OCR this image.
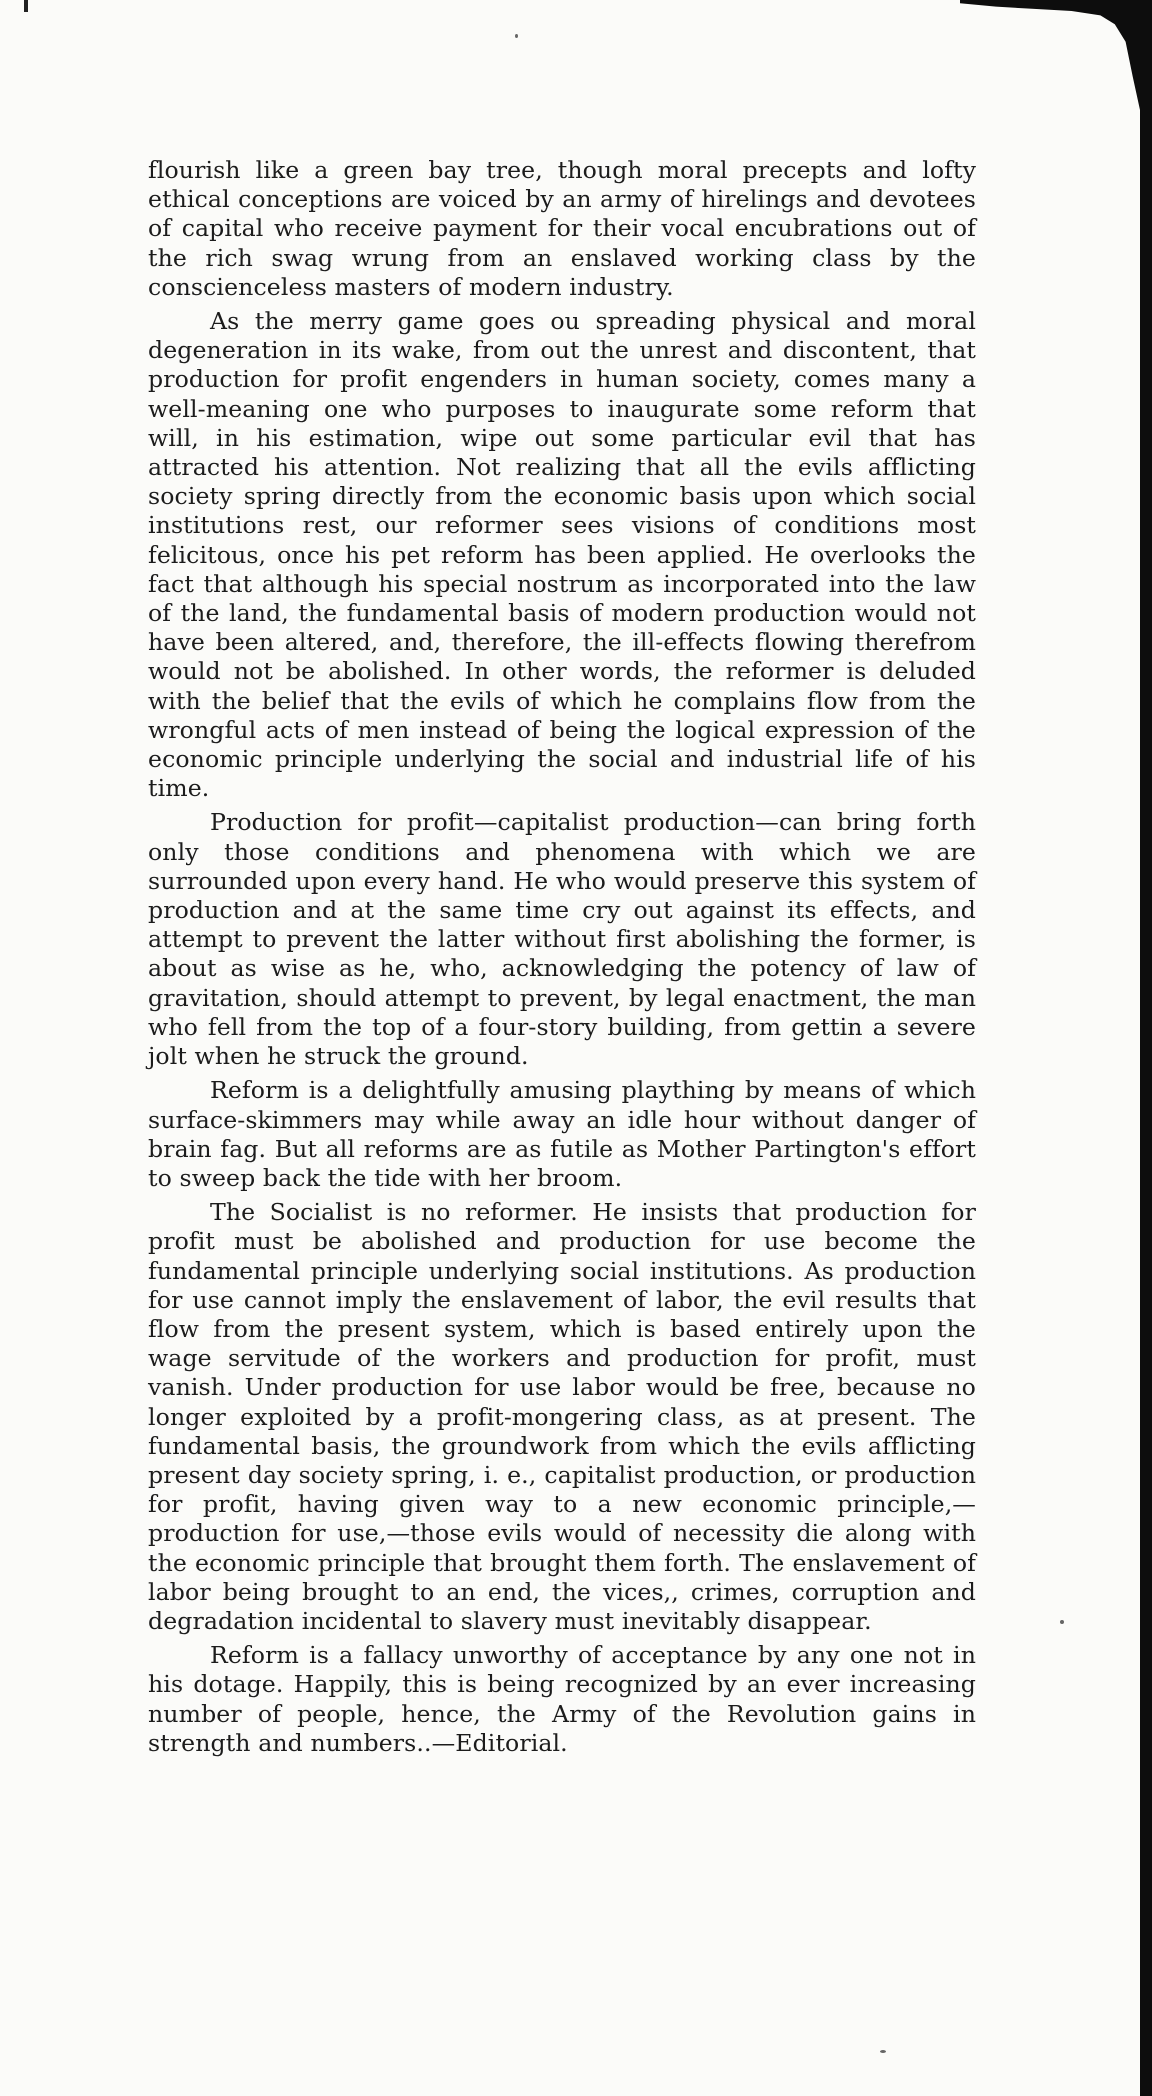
flourish like a green bay tree, though moral precepts and lofty ethical conceptions are voiced by an army of hirelings and devotees of capital who receive payment for their vocal encubrations out of the rich swag wrung from an enslaved working class by the conscienceless masters of modern industry.

As the merry game goes ou spreading physical and moral degeneration in its wake, from out the unrest and discontent, that production for profit engenders in human society, comes many a well-meaning one who purposes to inaugurate some reform that will, in his estimation, wipe out some particular evil that has attracted his attention. Not realizing that all the evils afflicting society spring directly from the economic basis upon which social institutions rest, our reformer sees visions of conditions most felicitous, once his pet reform has been applied. He overlooks the fact that although his special nostrum as incorporated into the law of the land, the fundamental basis of modern production would not have been altered, and, therefore, the ill-effects flowing therefrom would not be abolished. In other words, the reformer is deluded with the belief that the evils of which he complains flow from the wrongful acts of men instead of being the logical expression of the economic principle underlying the social and industrial life of his time.

Production for profit—capitalist production—can bring forth only those conditions and phenomena with which we are surrounded upon every hand. He who would preserve this system of production and at the same time cry out against its effects, and attempt to prevent the latter without first abolishing the former, is about as wise as he, who, acknowledging the potency of law of gravitation, should attempt to prevent, by legal enactment, the man who fell from the top of a four-story building, from gettin a severe jolt when he struck the ground.

Reform is a delightfully amusing plaything by means of which surface-skimmers may while away an idle hour without danger of brain fag. But all reforms are as futile as Mother Partington's effort to sweep back the tide with her broom.

The Socialist is no reformer. He insists that production for profit must be abolished and production for use become the fundamental principle underlying social institutions. As production for use cannot imply the enslavement of labor, the evil results that flow from the present system, which is based entirely upon the wage servitude of the workers and production for profit, must vanish. Under production for use labor would be free, because no longer exploited by a profit-mongering class, as at present. The fundamental basis, the groundwork from which the evils afflicting present day society spring, i. e., capitalist production, or production for profit, having given way to a new economic principle,—production for use,—those evils would of necessity die along with the economic principle that brought them forth. The enslavement of labor being brought to an end, the vices,, crimes, corruption and degradation incidental to slavery must inevitably disappear.

Reform is a fallacy unworthy of acceptance by any one not in his dotage. Happily, this is being recognized by an ever increasing number of people, hence, the Army of the Revolution gains in strength and numbers..—Editorial.
